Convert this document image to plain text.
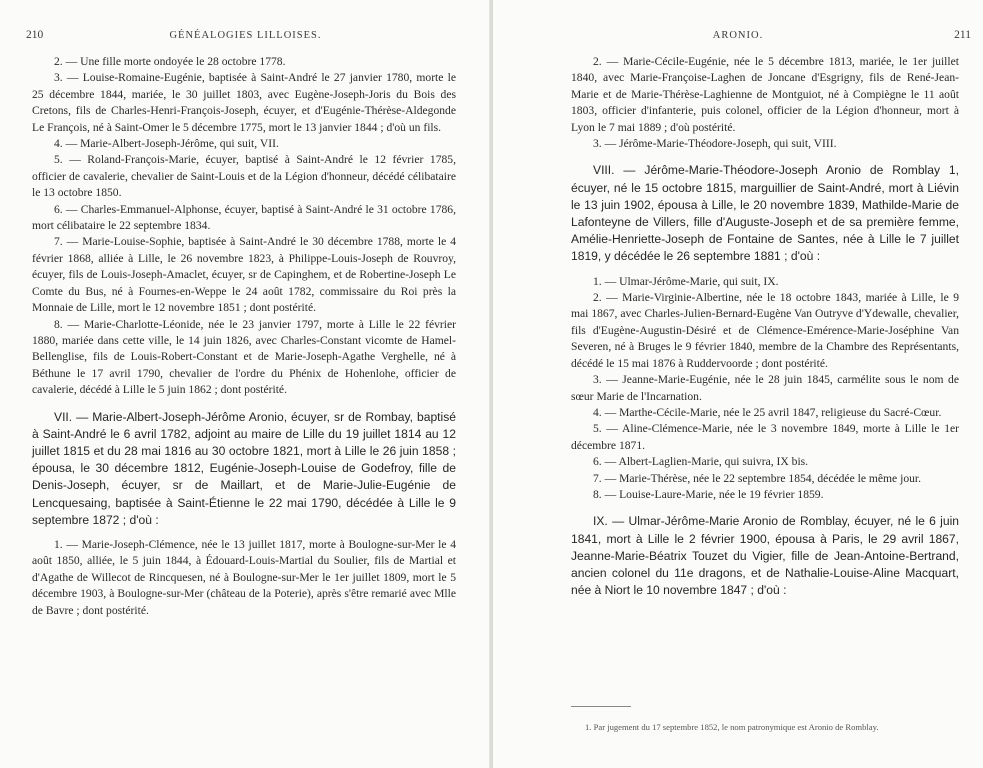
210	GÉNÉALOGIES LILLOISES.

2. — Une fille morte ondoyée le 28 octobre 1778.

3. — Louise-Romaine-Eugénie, baptisée à Saint-André le 27 janvier 1780, morte le 25 décembre 1844, mariée, le 30 juillet 1803, avec Eugène-Joseph-Joris du Bois des Cretons, fils de Charles-Henri-François-Joseph, écuyer, et d'Eugénie-Thérèse-Aldegonde Le François, né à Saint-Omer le 5 décembre 1775, mort le 13 janvier 1844 ; d'où un fils.

4. — Marie-Albert-Joseph-Jérôme, qui suit, VII.

5. — Roland-François-Marie, écuyer, baptisé à Saint-André le 12 février 1785, officier de cavalerie, chevalier de Saint-Louis et de la Légion d'honneur, décédé célibataire le 13 octobre 1850.

6. — Charles-Emmanuel-Alphonse, écuyer, baptisé à Saint-André le 31 octobre 1786, mort célibataire le 22 septembre 1834.

7. — Marie-Louise-Sophie, baptisée à Saint-André le 30 décembre 1788, morte le 4 février 1868, alliée à Lille, le 26 novembre 1823, à Philippe-Louis-Joseph de Rouvroy, écuyer, fils de Louis-Joseph-Amaclet, écuyer, sr de Capinghem, et de Robertine-Joseph Le Comte du Bus, né à Fournes-en-Weppe le 24 août 1782, commissaire du Roi près la Monnaie de Lille, mort le 12 novembre 1851 ; dont postérité.

8. — Marie-Charlotte-Léonide, née le 23 janvier 1797, morte à Lille le 22 février 1880, mariée dans cette ville, le 14 juin 1826, avec Charles-Constant vicomte de Hamel-Bellenglise, fils de Louis-Robert-Constant et de Marie-Joseph-Agathe Verghelle, né à Béthune le 17 avril 1790, chevalier de l'ordre du Phénix de Hohenlohe, officier de cavalerie, décédé à Lille le 5 juin 1862 ; dont postérité.

VII. — Marie-Albert-Joseph-Jérôme Aronio, écuyer, sr de Rombay, baptisé à Saint-André le 6 avril 1782, adjoint au maire de Lille du 19 juillet 1814 au 12 juillet 1815 et du 28 mai 1816 au 30 octobre 1821, mort à Lille le 26 juin 1858 ; épousa, le 30 décembre 1812, Eugénie-Joseph-Louise de Godefroy, fille de Denis-Joseph, écuyer, sr de Maillart, et de Marie-Julie-Eugénie de Lencquesaing, baptisée à Saint-Étienne le 22 mai 1790, décédée à Lille le 9 septembre 1872 ; d'où :

1. — Marie-Joseph-Clémence, née le 13 juillet 1817, morte à Boulogne-sur-Mer le 4 août 1850, alliée, le 5 juin 1844, à Édouard-Louis-Martial du Soulier, fils de Martial et d'Agathe de Willecot de Rincquesen, né à Boulogne-sur-Mer le 1er juillet 1809, mort le 5 décembre 1903, à Boulogne-sur-Mer (château de la Poterie), après s'être remarié avec Mlle de Bavre ; dont postérité.

ARONIO.	211

2. — Marie-Cécile-Eugénie, née le 5 décembre 1813, mariée, le 1er juillet 1840, avec Marie-Françoise-Laghen de Joncane d'Esgrigny, fils de René-Jean-Marie et de Marie-Thérèse-Laghienne de Montguiot, né à Compiègne le 11 août 1803, officier d'infanterie, puis colonel, officier de la Légion d'honneur, mort à Lyon le 7 mai 1889 ; d'où postérité.

3. — Jérôme-Marie-Théodore-Joseph, qui suit, VIII.

VIII. — Jérôme-Marie-Théodore-Joseph Aronio de Romblay 1, écuyer, né le 15 octobre 1815, marguillier de Saint-André, mort à Liévin le 13 juin 1902, épousa à Lille, le 20 novembre 1839, Mathilde-Marie de Lafonteyne de Villers, fille d'Auguste-Joseph et de sa première femme, Amélie-Henriette-Joseph de Fontaine de Santes, née à Lille le 7 juillet 1819, y décédée le 26 septembre 1881 ; d'où :

1. — Ulmar-Jérôme-Marie, qui suit, IX.

2. — Marie-Virginie-Albertine, née le 18 octobre 1843, mariée à Lille, le 9 mai 1867, avec Charles-Julien-Bernard-Eugène Van Outryve d'Ydewalle, chevalier, fils d'Eugène-Augustin-Désiré et de Clémence-Emérence-Marie-Joséphine Van Severen, né à Bruges le 9 février 1840, membre de la Chambre des Représentants, décédé le 15 mai 1876 à Ruddervoorde ; dont postérité.

3. — Jeanne-Marie-Eugénie, née le 28 juin 1845, carmélite sous le nom de sœur Marie de l'Incarnation.

4. — Marthe-Cécile-Marie, née le 25 avril 1847, religieuse du Sacré-Cœur.

5. — Aline-Clémence-Marie, née le 3 novembre 1849, morte à Lille le 1er décembre 1871.

6. — Albert-Laglien-Marie, qui suivra, IX bis.

7. — Marie-Thérèse, née le 22 septembre 1854, décédée le même jour.

8. — Louise-Laure-Marie, née le 19 février 1859.

IX. — Ulmar-Jérôme-Marie Aronio de Romblay, écuyer, né le 6 juin 1841, mort à Lille le 2 février 1900, épousa à Paris, le 29 avril 1867, Jeanne-Marie-Béatrix Touzet du Vigier, fille de Jean-Antoine-Bertrand, ancien colonel du 11e dragons, et de Nathalie-Louise-Aline Macquart, née à Niort le 10 novembre 1847 ; d'où :

1. Par jugement du 17 septembre 1852, le nom patronymique est Aronio de Romblay.
